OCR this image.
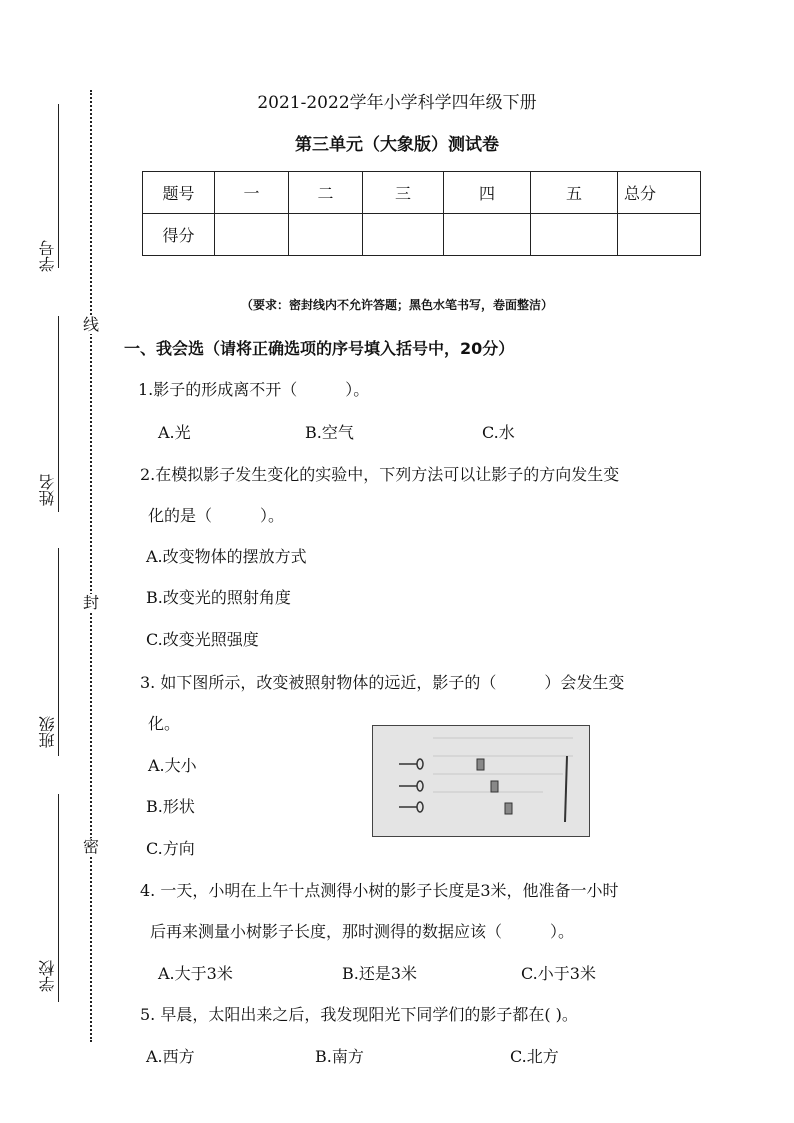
学号
姓名
班级
学校
线
封
密
2021-2022学年小学科学四年级下册
第三单元（大象版）测试卷
题号	一	二	三	四	五	总分
得分						
（要求：密封线内不允许答题；黑色水笔书写，卷面整洁）
一、我会选（请将正确选项的序号填入括号中，20分）
1.影子的形成离不开（　　　）。
A.光	B.空气	C.水
2.在模拟影子发生变化的实验中，下列方法可以让影子的方向发生变
化的是（　　　）。
A.改变物体的摆放方式
B.改变光的照射角度
C.改变光照强度
3. 如下图所示，改变被照射物体的远近，影子的（　　　）会发生变
化。
A.大小
B.形状
C.方向
4. 一天，小明在上午十点测得小树的影子长度是3米，他准备一小时
后再来测量小树影子长度，那时测得的数据应该（　　　）。
A.大于3米	B.还是3米	C.小于3米
5. 早晨，太阳出来之后，我发现阳光下同学们的影子都在( )。
A.西方	B.南方	C.北方
